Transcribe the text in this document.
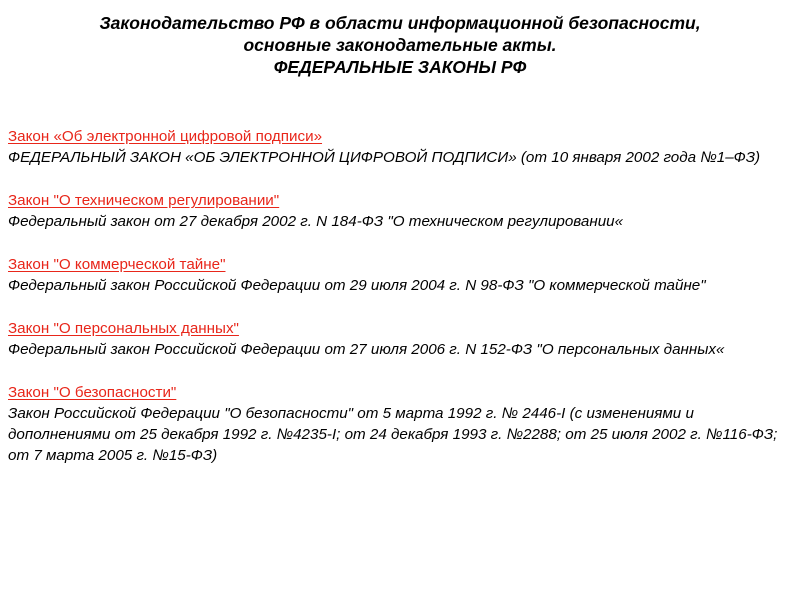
Законодательство РФ в области информационной безопасности,
основные законодательные акты.
ФЕДЕРАЛЬНЫЕ ЗАКОНЫ РФ
Закон «Об электронной цифровой подписи»
ФЕДЕРАЛЬНЫЙ ЗАКОН «ОБ ЭЛЕКТРОННОЙ ЦИФРОВОЙ ПОДПИСИ» (от 10 января 2002 года №1–ФЗ)
Закон "О техническом регулировании"
Федеральный закон от 27 декабря 2002 г. N 184-ФЗ "О техническом регулировании«
Закон "О коммерческой тайне"
Федеральный закон Российской Федерации от 29 июля 2004 г. N 98-ФЗ "О коммерческой тайне"
Закон "О персональных данных"
Федеральный закон Российской Федерации от 27 июля 2006 г. N 152-ФЗ "О персональных данных«
Закон "О безопасности"
Закон Российской Федерации "О безопасности" от 5 марта 1992 г. № 2446-I (с изменениями и дополнениями от 25 декабря 1992 г. №4235-I; от 24 декабря 1993 г. №2288; от 25 июля 2002 г. №116-ФЗ; от 7 марта 2005 г. №15-ФЗ)
